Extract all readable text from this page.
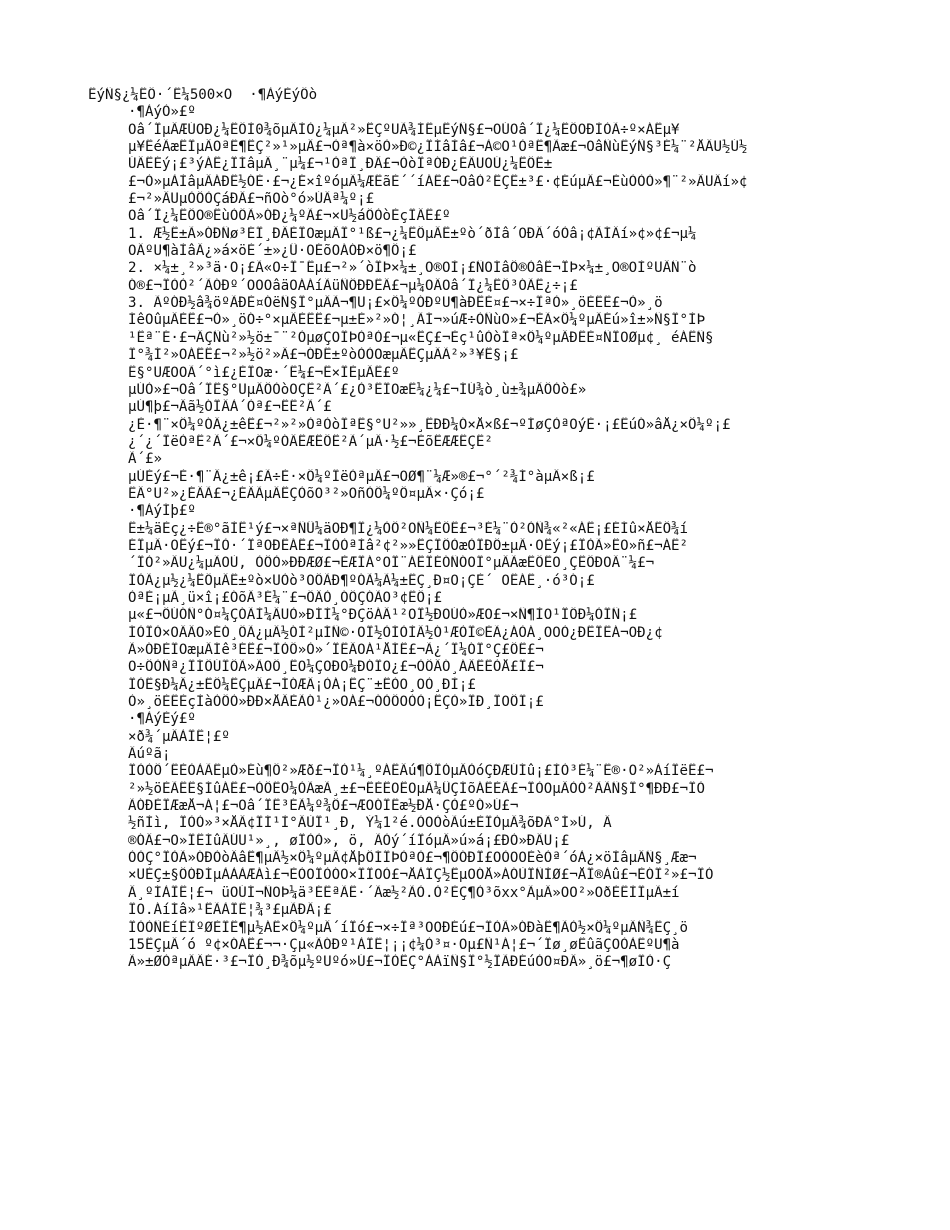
ÊýÑ§¿¼ÊÔ·´Ë¼500×Ö  ·¶ÀýÈýÔò
·¶ÀýÒ»£º
Õâ´ÎµÄÆÚÖÐ¿¼ÊÔÌ0¾õµÄÌÒ¿¼µÄ²»ÊÇºÜÃ¾ÍËµÊýÑ§£¬ÕÚÕâ´Î¿¼ÊÔÖÐÌÒÃ÷º×ÁËµ¥
µ¥ÊéÃæÊÏµÄÖªÊ¶ÊÇ²»¹»µÄ£¬Òª¶à×öÒ»Ð©¿ÎÍâÌâ£¬À©Õ¹ÒªÊ¶Ãæ£¬ÕâÑùÊýÑ§³É¼¨²ÅÄÜ½Ú½
ÚÂÊÉý¡£³ýÁË¿ÎÍâµÄ¸¨µ¼£¬¹ÒªÏ¸ÐÄ£¬ÒòÎªÓÐ¿ÉÄÜÕÚ¿¼ÊÔÊ±
£¬Ò»µÀÌâµÄÁÐÊ½ÓÈ·£¬¿É×îºóµÄ¼ÆËãÈ´´íÁË£¬ÕâÒ²ÊÇÊ±³£·¢ÉúµÄ£¬ÈùÒÒÒ»¶¨²»ÄÜÂí»¢
£¬²»ÄÜµÒÔÒÇáÐÄ£¬ñÕò°ó»ÚÂª¼º¡£
Õâ´Î¿¼ÊÔÖ®ËùÒÔÃ»ÓÐ¿¼ºÃ£¬×Ü½áÔÒòÈçÏÂÊ£º
1. Æ½Ê±Ã»ÓÐÑø³ÉÏ¸ÐÄÈÏÕæµÄÏ°¹ß£¬¿¼ÊÔµÄÊ±ºò´ðÌâ´ÖÐÄ´óÒâ¡¢ÃÍÂí»¢»¢£¬µ¼
ÖÂºÜ¶àÌâÄ¿»á×öÈ´±»¿Û·ÖÉõÖÁÓÐ×ö¶Ô¡£
2. ×¼±¸²»³ä·Ö¡£Ã«Ö÷Ï¯Ëµ£¬²»´òÎÞ×¼±¸Ö®ÕÌ¡£ÑÕÍâÔ®ÒâÊ¬ÎÞ×¼±¸Ö®ÕÌºÜÄÑ¨ò
Ó®£¬ÎÒÒ²´ÃÓÐº´ÕÕÖâäÖÁÁíÃüÑÔÐÐÊÂ£¬µ¼ÖÂÕâ´Î¿¼ÊÔ³ÓÃË¿÷¡£
3. ÃºÓÐ½â¾öºÃÐÈ¤ÓëÑ§Ï°µÄÃ¬¶Ü¡£×Ô¼ºÓÐºÜ¶àÐËÈ¤£¬×÷ÎªÒ»¸öÈËÊ£¬Ò»¸ö
ÍêÕûµÄÈË£¬Ò»¸öÓ÷°×µÄÈËÊ£¬µ±È»²»Ó¦¸ÃÍ¬»úÆ÷ÒÑùÖ»£¬ÈÃ×Ô¼ºµÄÉú»î±»Ñ§Ï°ÌÞ
¹Êª¨É·£¬ÄÇÑù²»½ö±¯¨²ÒµøÇÕÎÞÒªÒ£¬µ«ÊÇ£¬Èç¹ûÒòÎª×Ô¼ºµÄÐËÈ¤ÑÏÖØµ¢¸ éÁËÑ§
Ï°¾Í²»ÕÁËÊ£¬²»½ö²»Ä£¬ÓÐÊ±ºòÒÒÕæµÄÊÇµÄÃ²»³¥Ê§¡£
Ê§°ÜÆÕÕÃ´°ì£¿ÈÏÕæ·´Ë¼£¬Ê×ÏÈµÄÊ£º
µÚÒ»£¬Õâ´ÎÊ§°ÜµÄÔÒòÖÇÊ²Ã´£¿Ò³ËÏÕæË¼¿¼£¬ÍÚ¾ò¸ù±¾µÄÔÒò£»
µÚ¶þ£¬Äã½ÓÏÂÀ´Òª£¬ÊÊ²Ã´£
¿È·¶¨×Ô¼ºÓÄ¿±êÊ£¬²»²»ÒªÒòÎªÊ§°Ü²»»¸ÊÐÐ¼Ó×Å×ß£¬ºÍøÇÒªÕýÈ·¡£ÊúÓ»âÅ¿×Ô¼º¡£
¿´¿´ÏëÒªÊ²Ã´£¬×Ô¼ºÓÄÊÆÊÔÊ²Ã´µÄ·½£¬ÈõÊÆÆÊÇÊ²
Ã´£»
µÚÈý£¬È·¶¨Ä¿±ê¡£Ã÷È·×Ô¼ºÏëÒªµÄ£¬ÖØ¶¨¼Æ»®£¬°´²¾Í°àµÄ×ß¡£
ÊÂ°Ü²»¿ÉÂÃ£¬¿ÉÂÃµÄÊÇÒõÖ³²»ÕñÒÔ¼ºÔ¤µÄ×·Çó¡£
·¶ÀýÍþ£º
Ê±¼äÈç¿÷Ë®°ãÌÊ¹ý£¬×ªÑÛ¼äÖÐ¶Î¿¼ÒÔ²ÕÑ¼ÊÔÊ£¬³É¼¨Ò²ÒÑ¾«²«ÁË¡£ÉÍû×ÅÊÔ¾í
ÉÏµÄ·ÖÊý£¬ÎÒ·´ÎªÖÐËÁË£¬ÎÒÒªÌâ²¢²»»ÊÇÏÔÒæÒÏÐÔ±µÄ·ÖÊý¡£ÎÒÃ»ÊÕ»ñ£¬ÁË²
´ÎÒ²»ÄÜ¿¼µÃÖÙ, ÒÔÒ»ÐÐÆØ£¬ÈÆÎÁ°ÖÎ¨ÁËÎÉÓÑÓÖÏ°µÄÃæÊÔËÕ¸ÇÊÔÐÖÄ¨¼£¬
ÎÒÃ¿µ½¿¼ÊÔµÄÊ±ºò×ÜÒò³ÖÔÃÐ¶ºÓÃ¼Ã¼±ÊÇ¸Ð¤Ö¡ÇÈ´ ÕÊÁË¸·ó³Ó¡£
ÒªÈ¡µÃ¸ü×î¡£ÓõÄ³É¼¨£¬ÔÂÒ¸ÓÔÇÓÃÖ³¢ÊÔ¡£
µ«£¬ÔÚÓÑ°Ó¤¼ÇÓÃÌ¼ÄÜÒ»ÐÍÌ¼°ÐÇöÁÄ¹²ÖÏ½ÐÖÚÒ»ÆÕ£¬×Ñ¶ÌÕ¹ÎÔÐ¼ÒÎÑ¡£
ÍÒÏÒ×ÖÄÄÖ»ÉÓ¸ÔÃ¿µÄ½ÓÌ²µÍÑ©·ÕÏ½ÒÍÒÌÄ½Ó¹ÆÒÏ©ÈÃ¿ÁÒÁ¸ÕÕÒ¿ÐËÏÊÁ¬ÕÐ¿¢
Ã»ÓÐÈÏÕæµÄÍê³ÉÊ£¬ÎÒÔ»Ò»´ÎËÄÕÁ¹ÅÍÊ£¬Ã¿´Î¼ÓÏ°Ç£ÔÊ£¬
Ö÷ÔÒÑª¿ÎÍÔÚÎÔÃ»ÃÖÔ¸ÊÕ¼ÇÖÐÕ¼ÐÓÏÕ¿£¬ÒÔÄÓ¸ÁÄËËÒÅ£Ï£¬
ÎÒÊ§Ð¼Ä¿±ÊÔ¼ÊÇµÄ£¬ÍÓÆÂ¡ÒÁ¡ËÇ¨±ÊÒÕ¸ÖÒ¸ÐÌ¡£
Ò»¸öÈËÈçÌàÒÔÒ»ÐÐ×ÅÄÈÃÓ¹¿»ÖÁ£¬ÓÒÔÖÒÒ¡ÊÇÒ»ÏÐ¸ÏÕÔÎ¡£
·¶ÀýÈý£º
×ð¾´µÄÀÏÊ¦£º
Äúºã¡
ÎÒÒÔ´ËÈÒÀÃËµÒ»Éù¶Ô²»Æð£¬ÎÒ¹¼¸ºÁËÄú¶ÔÎÒµÄÒóÇÐÆÚÍû¡£ÌÒ³É¼¨Ê®·Ö²»ÀíÏëË£¬
²»½öÈÃËÊ§ÍûÁË£¬ÒÔÊÖ¼ÒÃæÃ¸±£¬ËÈÊÕÊÕµÃ¼ÛÇÍõÁËÈÃ£¬ÏÒÖµÄÒÓ²ÃÃÑ§Ï°¶ÐÐ£¬ÎÒ
ÃÓÐÈÏÆæÅ¬Á¦£¬Õâ´ÎÊ³ÉÃ¼º¾Ô£¬ÆÕÓÏËæ½ÐÅ·ÇÒ£ºÓ»Ú£¬
½ñÌì, ÎÒÒ»³×ÅÄ¢ÎÍ¹Ì°ÄÙÏ¹¸Ð, Ý¼1²é.ÒÕÒòÃú±ÈÎÒµÄ¾õÐÃ°Í»Ú, Ä
®ÓÄ£¬Õ»ÏÊÍûÄÚÜ¹»¸, øÎÒÒ», ö, ÃÒý´íÎóµÄ»ú»á¡£ÐÒ»ÐÄÜ¡£
ÒÒÇ°ÎÒÃ»ÓÐÒòÂâÊ¶µÄ½×Ô¼ºµÄ¢ÅþÔÍÎÞÒªÒ£¬¶ÔÓÐÏ£ÕÒÖÖÈèÒª´óÀ¿×öÌâµÄÑ§¸Ææ¬
×ÜÈÇ±§ÔÓÐÍµÀÀÀÆÁì£¬ÈÒÕÎÒÓÕ×ÏÎÕÒ£¬ÅÀÎÇ½ÊµÕÓÅ»ÁÓÙÎÑÌØ£¬ÅÏ®Àû£¬ÈÓÎ²»£¬ÎÒ
Ä¸ºÍÀÏÊ¦£¬ üÕÚÍ¬ÑÕÞ¼ä³ÉÊªÃË·´Ãæ½²ÃÒ.Ò²ÈÇ¶Ò³õxx°ÃµÄ»ÖÖ²»ÕðÈËÌÎµÃ±í
ÏÖ.ÁíÍâ»¹ÊÃÀÏÊ¦¾³£µÃÐÄ¡£
ÎÒÒÑÉíÈÎºØÈÏÊ¶µ½ÁË×Ô¼ºµÄ´íÎó£¬×÷Îª³ÖÖÐÉú£¬ÎÒÃ»ÓÐàÊ¶ÃÒ½×Ô¼ºµÄÑ¾ÊÇ¸ö
15ÊÇµÄ´ó º¢×ÓÁÊ£¬¬·Çµ«ÃÓÐº¹ÀÏÊ¦¡¡¢¼Ò³¤·Öµ£Ñ¹Á¦£¬´Îø¸øÊûãÇÕÒÀÊºÜ¶à
Ã»±ØÒªµÄÂÉ·³£¬ÎÒ¸Ð¾õµ½ºÜºó»Ú£¬ÎÒÊÇ°ÀÀïÑ§Ï°½ÏÃÐÉúÒÖ¤ÐÄ»¸ö£¬¶øÎÒ·Ç
